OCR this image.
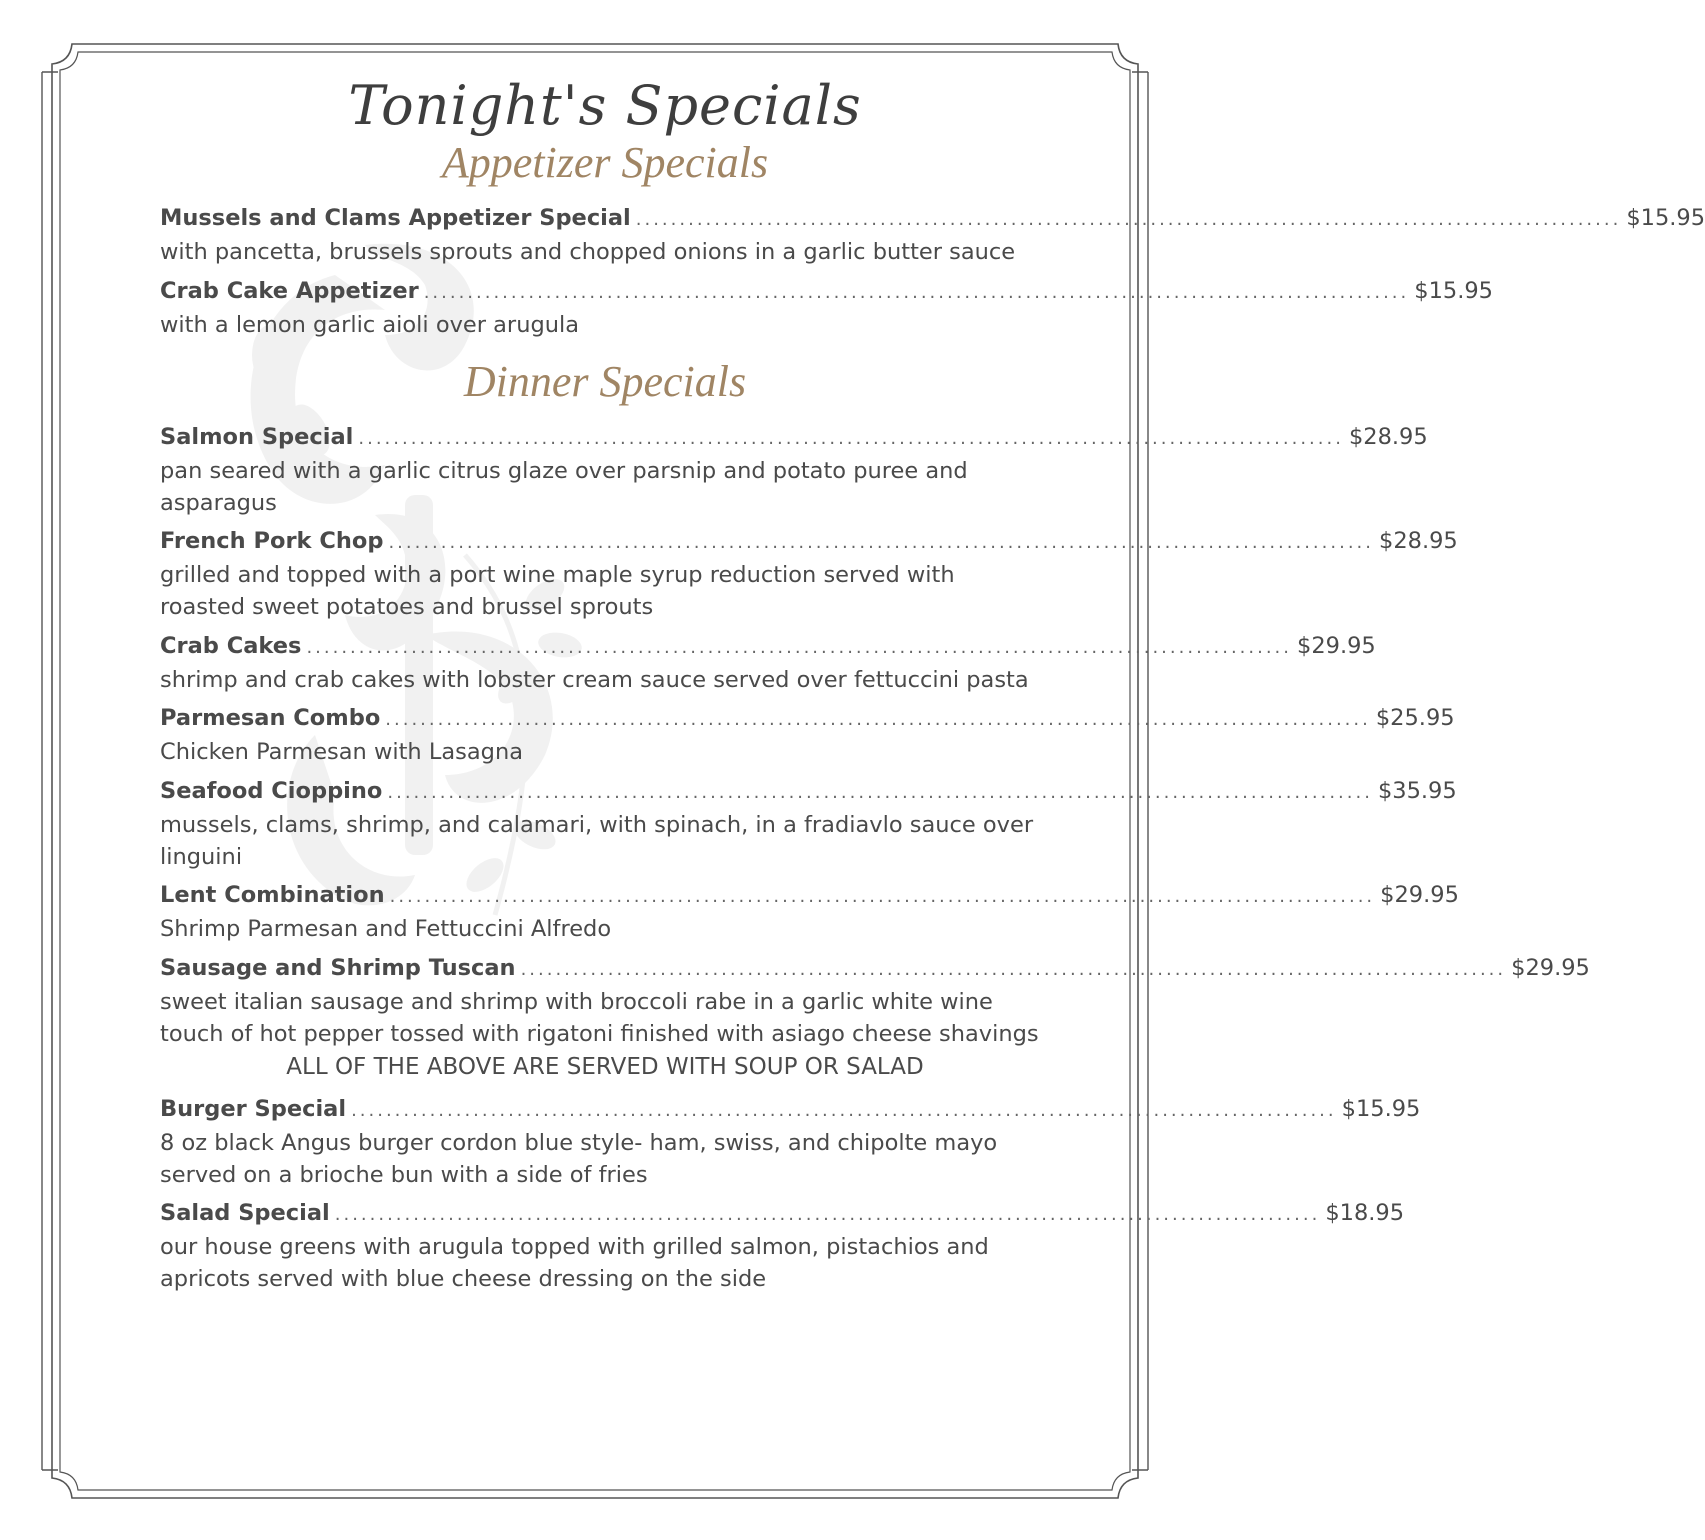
Tonight's Specials
Appetizer Specials
Mussels and Clams Appetizer Special ................................................................................................................. $15.95
with pancetta, brussels sprouts and chopped onions in a garlic butter sauce
Crab Cake Appetizer ................................................................................................................. $15.95
with a lemon garlic aioli over arugula
Dinner Specials
Salmon Special ................................................................................................................. $28.95
pan seared with a garlic citrus glaze over parsnip and potato puree and
asparagus
French Pork Chop ................................................................................................................. $28.95
grilled and topped with a port wine maple syrup reduction served with
roasted sweet potatoes and brussel sprouts
Crab Cakes ................................................................................................................. $29.95
shrimp and crab cakes with lobster cream sauce served over fettuccini pasta
Parmesan Combo ................................................................................................................. $25.95
Chicken Parmesan with Lasagna
Seafood Cioppino ................................................................................................................. $35.95
mussels, clams, shrimp, and calamari, with spinach, in a fradiavlo sauce over
linguini
Lent Combination ................................................................................................................. $29.95
Shrimp Parmesan and Fettuccini Alfredo
Sausage and Shrimp Tuscan ................................................................................................................. $29.95
sweet italian sausage and shrimp with broccoli rabe in a garlic white wine
touch of hot pepper tossed with rigatoni finished with asiago cheese shavings
ALL OF THE ABOVE ARE SERVED WITH SOUP OR SALAD
Burger Special ................................................................................................................. $15.95
8 oz black Angus burger cordon blue style- ham, swiss, and chipolte mayo
served on a brioche bun with a side of fries
Salad Special ................................................................................................................. $18.95
our house greens with arugula topped with grilled salmon, pistachios and
apricots served with blue cheese dressing on the side
